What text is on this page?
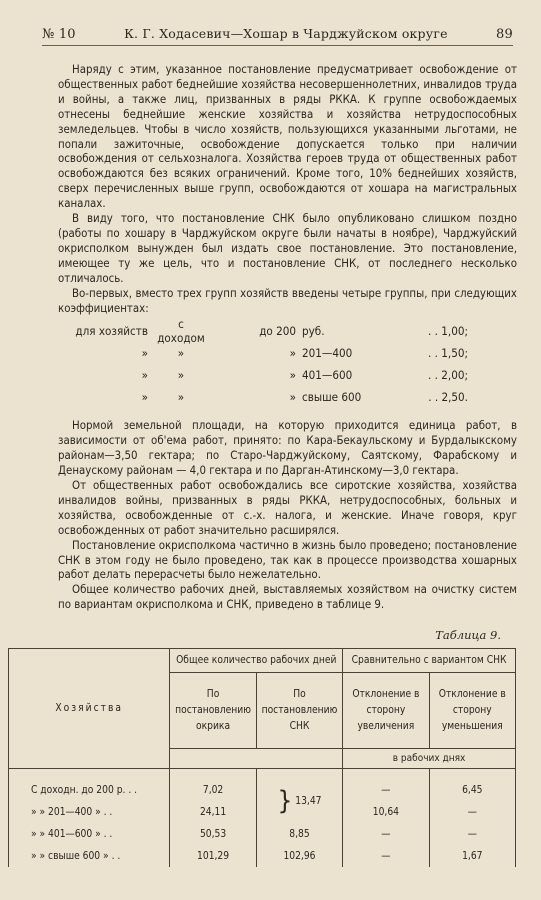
№ 10	К. Г. Ходасевич—Хошар в Чарджуйском округе	89

Наряду с этим, указанное постановление предусматривает освобождение от общественных работ беднейшие хозяйства несовершеннолетних, инвалидов труда и войны, а также лиц, призванных в ряды РККА. К группе освобождаемых отнесены беднейшие женские хозяйства и хозяйства нетрудоспособных земледельцев. Чтобы в число хозяйств, пользующихся указанными льготами, не попали зажиточные, освобождение допускается только при наличии освобождения от сельхозналога. Хозяйства героев труда от общественных работ освобождаются без всяких ограничений. Кроме того, 10% беднейших хозяйств, сверх перечисленных выше групп, освобождаются от хошара на магистральных каналах.

В виду того, что постановление СНК было опубликовано слишком поздно (работы по хошару в Чарджуйском округе были начаты в ноябре), Чарджуйский окрисполком вынужден был издать свое постановление. Это постановление, имеющее ту же цель, что и постановление СНК, от последнего несколько отличалось.

Во-первых, вместо трех групп хозяйств введены четыре группы, при следующих коэффициентах:

для хозяйств
с доходом
до 200 руб.	. . 1,00;
»	»	» 201—400	. . 1,50;
»	»	» 401—600	. . 2,00;
»	»	» свыше 600	. . 2,50.

Нормой земельной площади, на которую приходится единица работ, в зависимости от об'ема работ, принято: по Кара-Бекаульскому и Бурдалыкскому районам—3,50 гектара; по Старо-Чарджуйскому, Саятскому, Фарабскому и Денаускому районам — 4,0 гектара и по Дарган-Атинскому—3,0 гектара.

От общественных работ освобождались все сиротские хозяйства, хозяйства инвалидов войны, призванных в ряды РККА, нетрудоспособных, больных и хозяйства, освобожденные от с.-х. налога, и женские. Иначе говоря, круг освобожденных от работ значительно расширялся.

Постановление окрисполкома частично в жизнь было проведено; постановление СНК в этом году не было проведено, так как в процессе производства хошарных работ делать перерасчеты было нежелательно.

Общее количество рабочих дней, выставляемых хозяйством на очистку систем по вариантам окрисполкома и СНК, приведено в таблице 9.

Таблица 9.
Хозяйства	Общее количество рабочих дней		Сравнительно с вариантом СНК	
	По постановлению окрика	По постановлению СНК	Отклонение в сторону увеличения	Отклонение в сторону уменьшения
			в рабочих днях	
С доходн. до 200 р. . .	7,02	} 13,47	—	6,45
» » 201—400 » . .	24,11		10,64	—
» » 401—600 » . .	50,53	8,85	—	—
» » свыше 600 » . .	101,29	102,96	—	1,67
